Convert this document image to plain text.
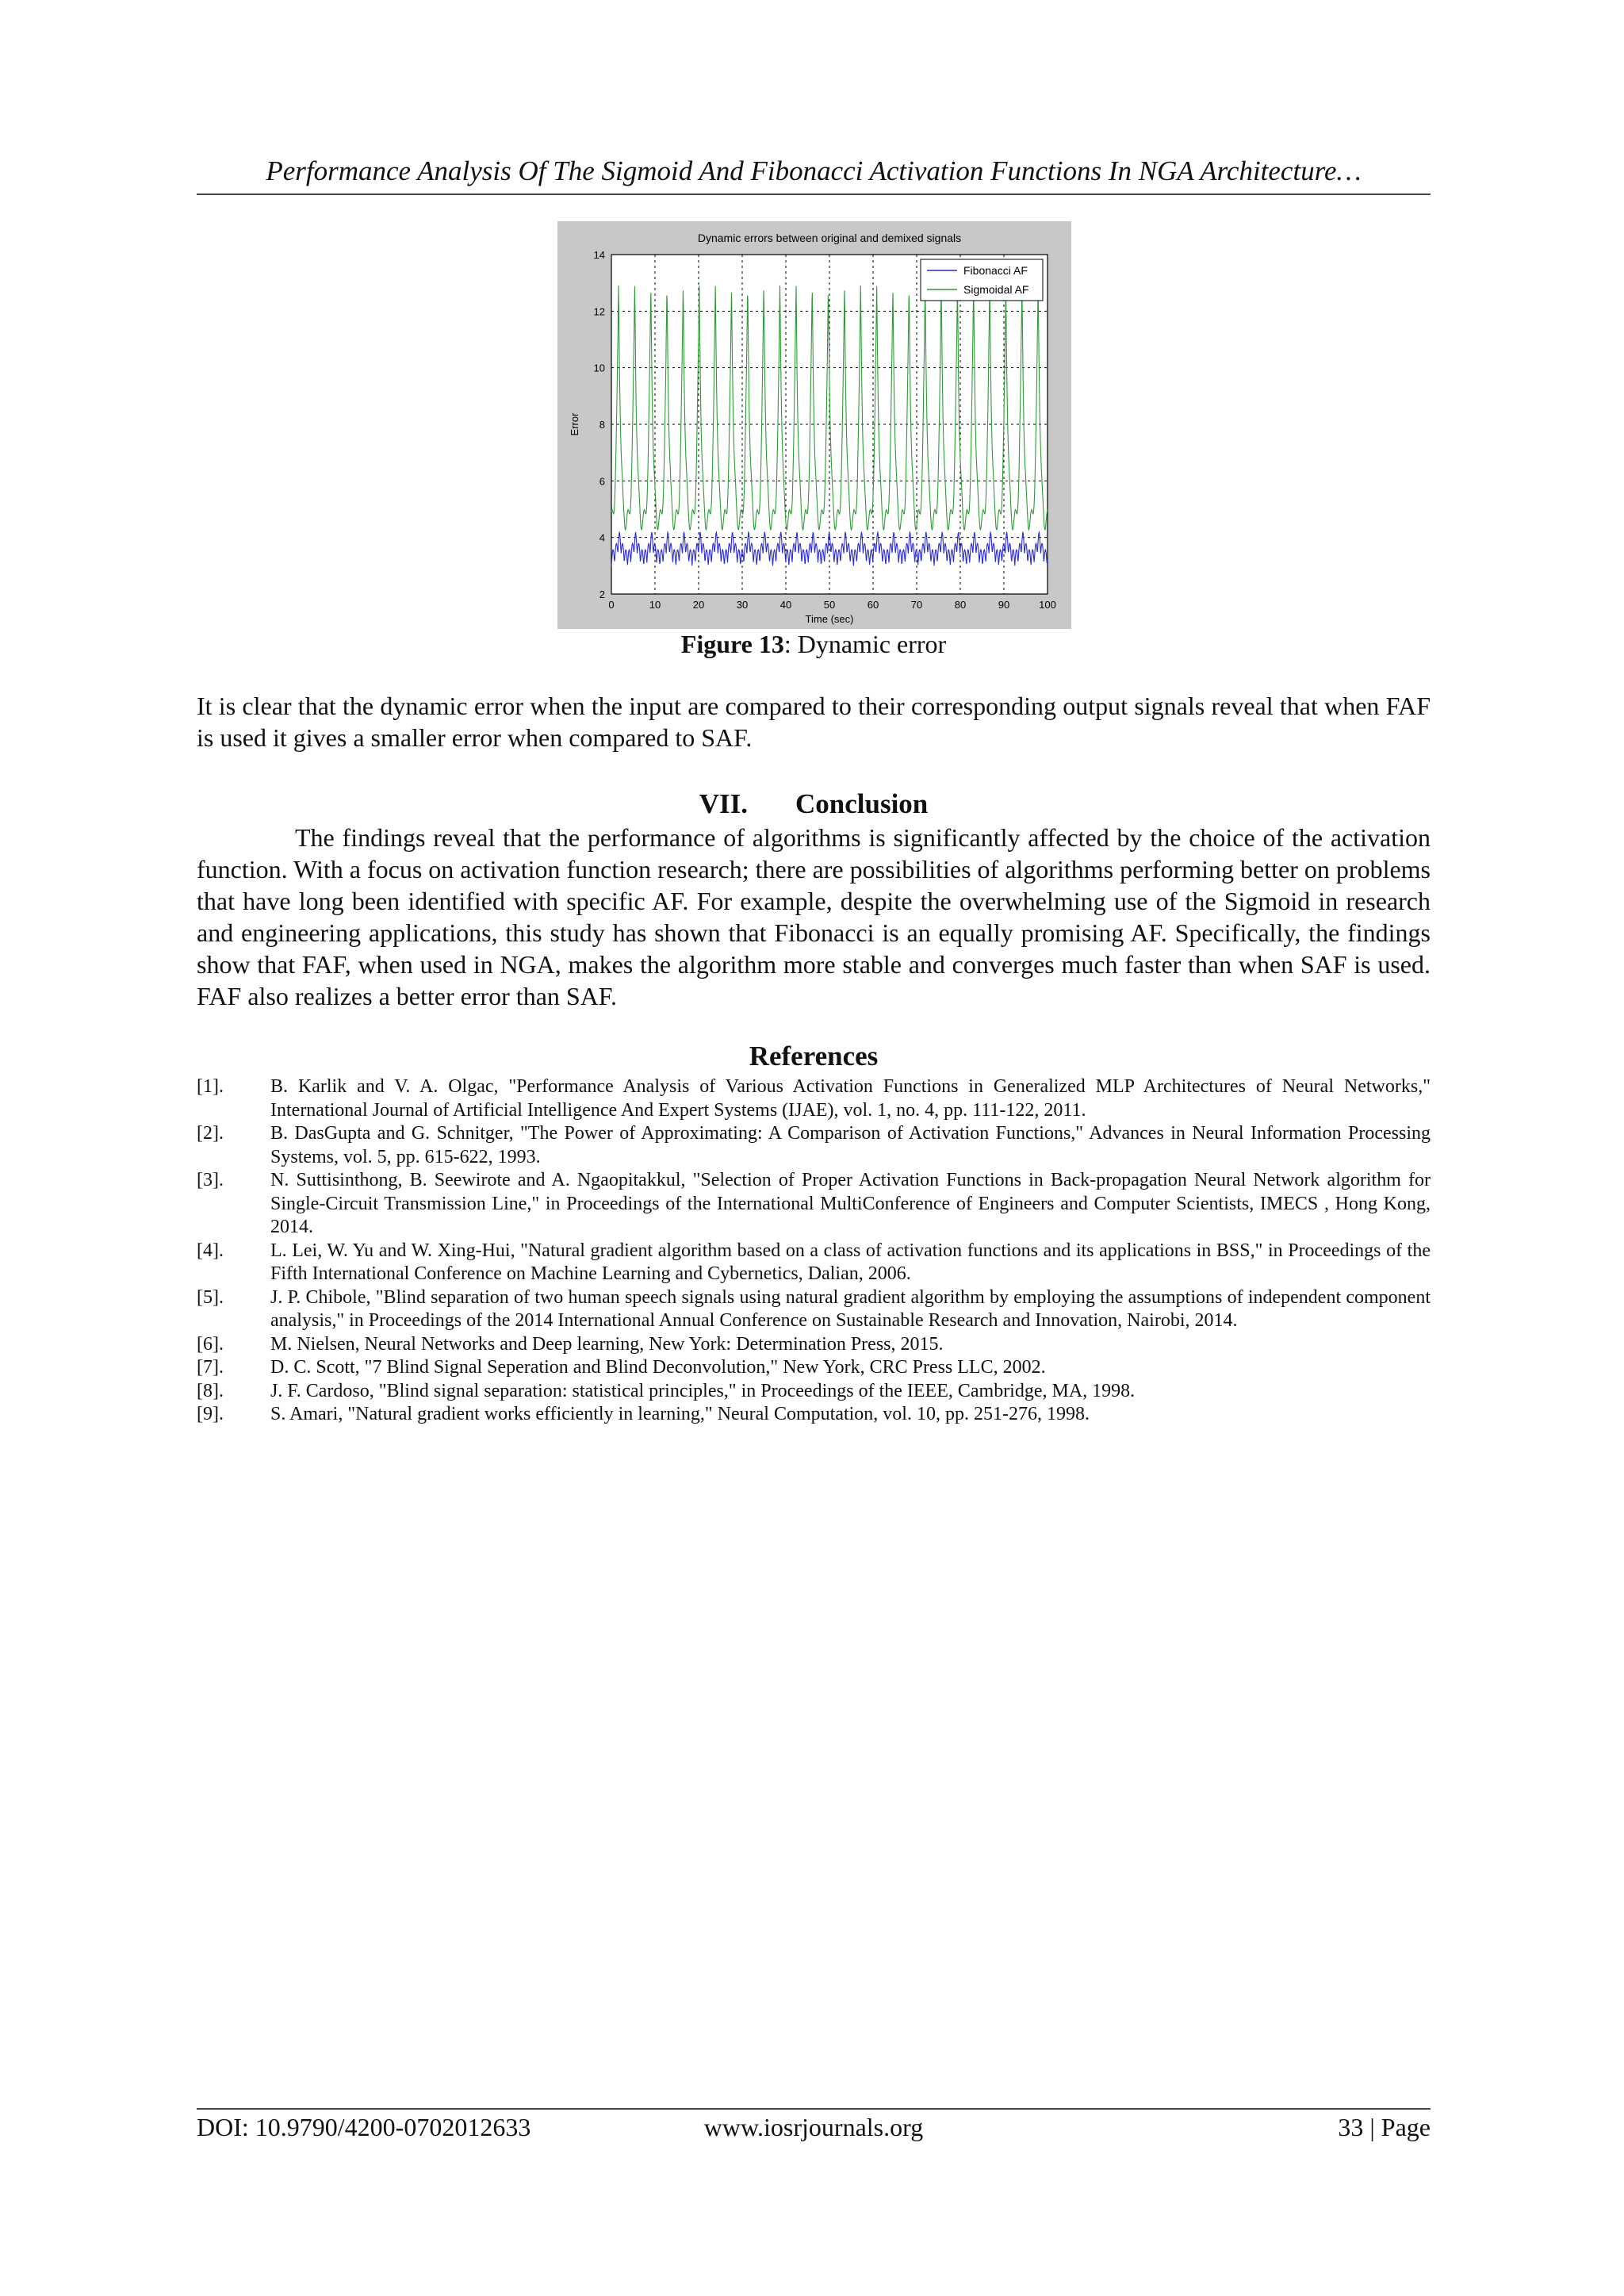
Performance Analysis Of The Sigmoid And Fibonacci Activation Functions In NGA Architecture…
0	10	20	30	40	50	60	70	80	90	100
2
4
6
8
10
12
14
Dynamic errors between original and demixed signals
Time (sec)
Error
Fibonacci AF
Sigmoidal AF
Figure 13: Dynamic error

It is clear that the dynamic error when the input are compared to their corresponding output signals reveal that when FAF is used it gives a smaller error when compared to SAF.

VII. Conclusion

The findings reveal that the performance of algorithms is significantly affected by the choice of the activation function. With a focus on activation function research; there are possibilities of algorithms performing better on problems that have long been identified with specific AF. For example, despite the overwhelming use of the Sigmoid in research and engineering applications, this study has shown that Fibonacci is an equally promising AF. Specifically, the findings show that FAF, when used in NGA, makes the algorithm more stable and converges much faster than when SAF is used. FAF also realizes a better error than SAF.

References
[1].	B. Karlik and V. A. Olgac, "Performance Analysis of Various Activation Functions in Generalized MLP Architectures of Neural Networks," International Journal of Artificial Intelligence And Expert Systems (IJAE), vol. 1, no. 4, pp. 111-122, 2011.
[2].	B. DasGupta and G. Schnitger, "The Power of Approximating: A Comparison of Activation Functions," Advances in Neural Information Processing Systems, vol. 5, pp. 615-622, 1993.
[3].	N. Suttisinthong, B. Seewirote and A. Ngaopitakkul, "Selection of Proper Activation Functions in Back-propagation Neural Network algorithm for Single-Circuit Transmission Line," in Proceedings of the International MultiConference of Engineers and Computer Scientists, IMECS , Hong Kong, 2014.
[4].	L. Lei, W. Yu and W. Xing-Hui, "Natural gradient algorithm based on a class of activation functions and its applications in BSS," in Proceedings of the Fifth International Conference on Machine Learning and Cybernetics, Dalian, 2006.
[5].	J. P. Chibole, "Blind separation of two human speech signals using natural gradient algorithm by employing the assumptions of independent component analysis," in Proceedings of the 2014 International Annual Conference on Sustainable Research and Innovation, Nairobi, 2014.
[6].	M. Nielsen, Neural Networks and Deep learning, New York: Determination Press, 2015.
[7].	D. C. Scott, "7 Blind Signal Seperation and Blind Deconvolution," New York, CRC Press LLC, 2002.
[8].	J. F. Cardoso, "Blind signal separation: statistical principles," in Proceedings of the IEEE, Cambridge, MA, 1998.
[9].	S. Amari, "Natural gradient works efficiently in learning," Neural Computation, vol. 10, pp. 251-276, 1998.
DOI: 10.9790/4200-0702012633	www.iosrjournals.org	33 | Page
